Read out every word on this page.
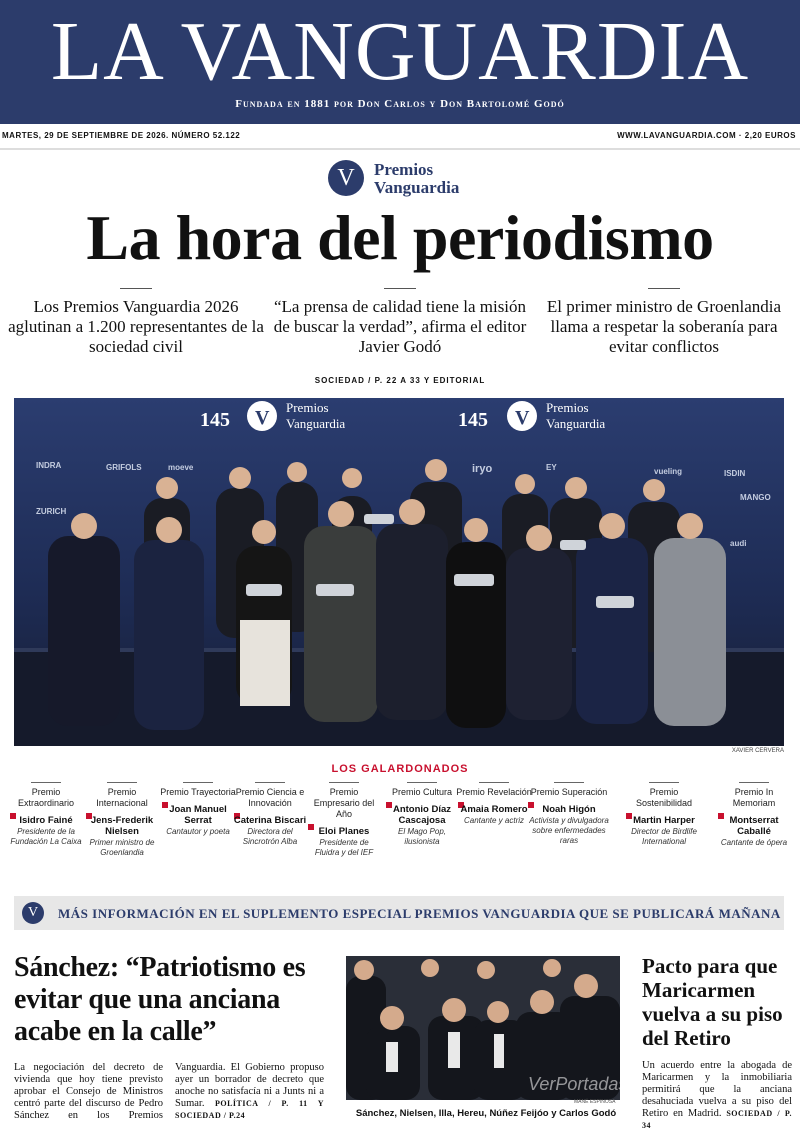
LA VANGUARDIA
Fundada en 1881 por Don Carlos y Don Bartolomé Godó
MARTES, 29 DE SEPTIEMBRE DE 2026. NÚMERO 52.122	WWW.LAVANGUARDIA.COM · 2,20 EUROS
V	Premios
Vanguardia
La hora del periodismo
Los Premios Vanguardia 2026 aglutinan a 1.200 representantes de la sociedad civil
“La prensa de calidad tiene la misión de buscar la verdad”, afirma el editor Javier Godó
El primer ministro de Groenlandia llama a respetar la soberanía para evitar conflictos
SOCIEDAD / P. 22 A 33 Y EDITORIAL
145 V Premios
Vanguardia	145 V Premios
Vanguardia
INDRA	GRIFOLS	moeve	iryo	EY	vueling	ISDIN
MANGO
ZURICH
audi
XAVIER CERVERA
LOS GALARDONADOS
Premio Extraordinario
Isidro Fainé
Presidente de la Fundación La Caixa
Premio Internacional
Jens-Frederik Nielsen
Primer ministro de Groenlandia
Premio Trayectoria
Joan Manuel Serrat
Cantautor y poeta
Premio Ciencia e Innovación
Caterina Biscari
Directora del Sincrotrón Alba
Premio Empresario del Año
Eloi Planes
Presidente de Fluidra y del IEF
Premio Cultura
Antonio Díaz Cascajosa
El Mago Pop, ilusionista
Premio Revelación
Amaia Romero
Cantante y actriz
Premio Superación
Noah Higón
Activista y divulgadora sobre enfermedades raras
Premio Sostenibilidad
Martin Harper
Director de Birdlife International
Premio In Memoriam
Montserrat Caballé
Cantante de ópera
V	MÁS INFORMACIÓN EN EL SUPLEMENTO ESPECIAL PREMIOS VANGUARDIA QUE SE PUBLICARÁ MAÑANA
Sánchez: “Patriotismo es evitar que una anciana acabe en la calle”
La negociación del decreto de vivienda que hoy tiene previsto aprobar el Consejo de Ministros centró parte del discurso de Pedro Sánchez en los Premios Vanguardia. El Gobierno propuso ayer un borrador de decreto que anoche no satisfacía ni a Junts ni a Sumar. POLÍTICA / P. 11 Y SOCIEDAD / P.24
MANÉ ESPINOSA
Sánchez, Nielsen, Illa, Hereu, Núñez Feijóo y Carlos Godó
VerPortadas
Pacto para que Maricarmen vuelva a su piso del Retiro
Un acuerdo entre la abogada de Maricarmen y la inmobiliaria permitirá que la anciana desahuciada vuelva a su piso del Retiro en Madrid. SOCIEDAD / P. 34
